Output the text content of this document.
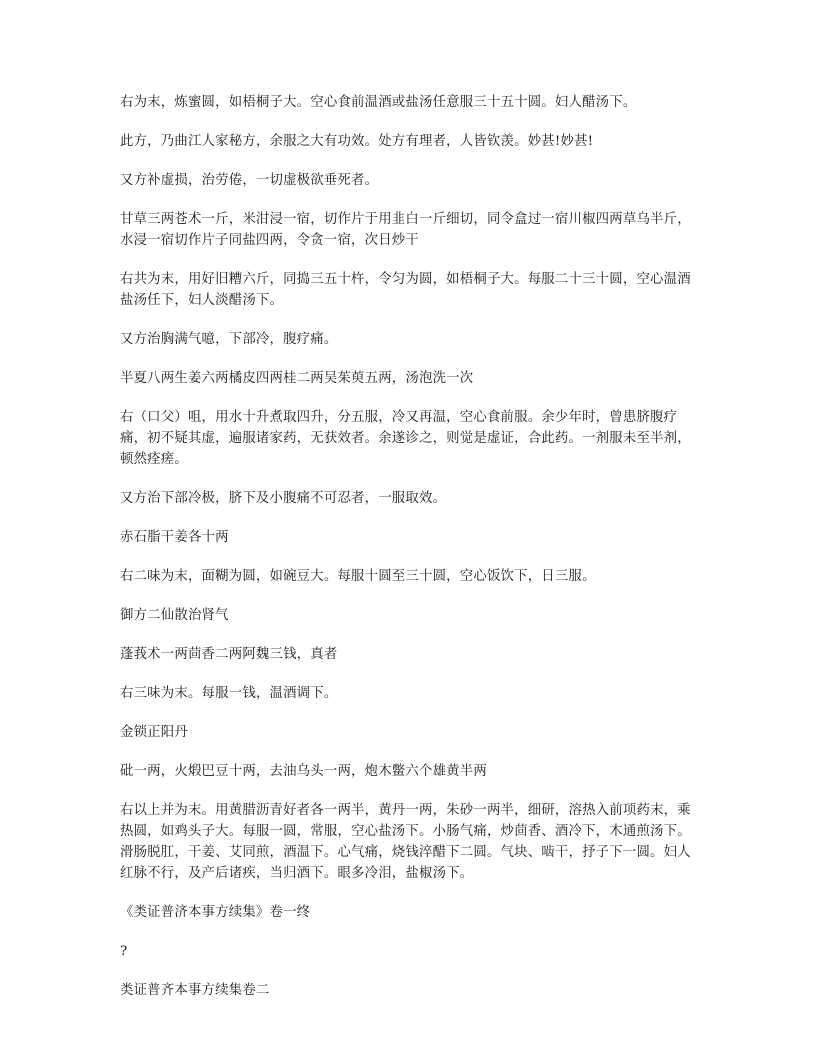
右为末，炼蜜圆，如梧桐子大。空心食前温酒或盐汤任意服三十五十圆。妇人醋汤下。

此方，乃曲江人家秘方，余服之大有功效。处方有理者，人皆钦羡。妙甚!妙甚!

又方补虚损，治劳倦，一切虚极欲垂死者。

甘草三两苍术一斤，米泔浸一宿，切作片于用韭白一斤细切，同令盒过一宿川椒四两草乌半斤，水浸一宿切作片子同盐四两，令贪一宿，次日炒干

右共为末，用好旧糟六斤，同捣三五十杵，令匀为圆，如梧桐子大。每服二十三十圆，空心温酒盐汤任下，妇人淡醋汤下。

又方治胸满气噫，下部冷，腹疗痛。

半夏八两生姜六两橘皮四两桂二两吴茱萸五两，汤泡洗一次

右（口父）咀，用水十升煮取四升，分五服，冷又再温，空心食前服。余少年时，曾患脐腹疗痛，初不疑其虚，遍服诸家药，无获效者。余遂诊之，则觉是虚证，合此药。一剂服未至半剂，顿然痊瘥。

又方治下部冷极，脐下及小腹痛不可忍者，一服取效。

赤石脂干姜各十两

右二味为末，面糊为圆，如碗豆大。每服十圆至三十圆，空心饭饮下，日三服。

御方二仙散治肾气

蓬莪术一两茴香二两阿魏三钱，真者

右三味为末。每服一钱，温酒调下。

金锁正阳丹

砒一两，火煅巴豆十两，去油乌头一两，炮木鳖六个雄黄半两

右以上并为末。用黄腊沥青好者各一两半，黄丹一两，朱砂一两半，细研，溶热入前项药末，乘热圆，如鸡头子大。每服一圆，常服，空心盐汤下。小肠气痛，炒茴香、酒冷下，木通煎汤下。滑肠脱肛，干姜、艾同煎，酒温下。心气痛，烧钱淬醋下二圆。气块、啮干，抒子下一圆。妇人红脉不行，及产后诸疾，当归酒下。眼多冷泪，盐椒汤下。

《类证普济本事方续集》卷一终

?

类证普齐本事方续集卷二
